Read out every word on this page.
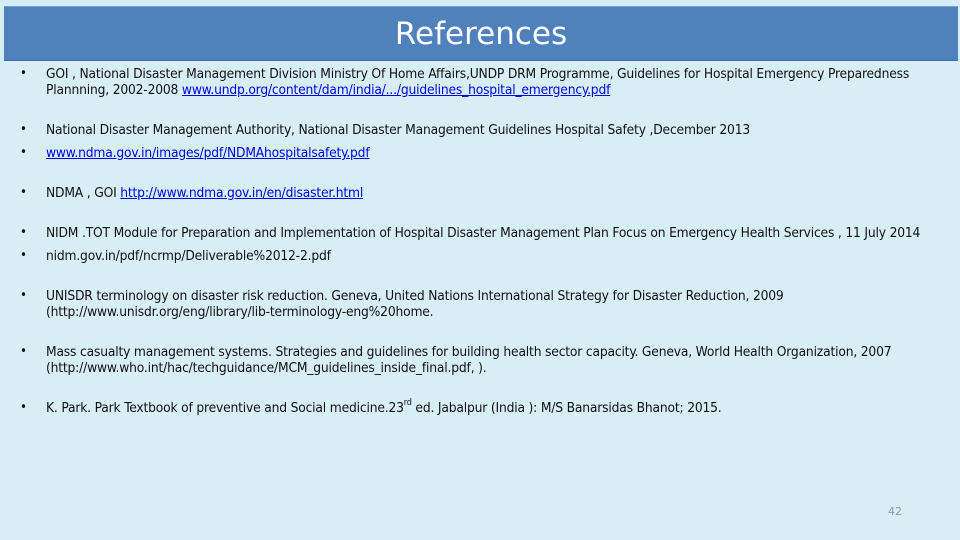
References
• GOI , National Disaster Management Division Ministry Of Home Affairs,UNDP DRM Programme, Guidelines for Hospital Emergency Preparedness Plannning, 2002-2008 www.undp.org/content/dam/india/.../guidelines_hospital_emergency.pdf
• National Disaster Management Authority, National Disaster Management Guidelines Hospital Safety ,December 2013
• www.ndma.gov.in/images/pdf/NDMAhospitalsafety.pdf
• NDMA , GOI http://www.ndma.gov.in/en/disaster.html
• NIDM .TOT Module for Preparation and Implementation of Hospital Disaster Management Plan Focus on Emergency Health Services , 11 July 2014
• nidm.gov.in/pdf/ncrmp/Deliverable%2012-2.pdf
• UNISDR terminology on disaster risk reduction. Geneva, United Nations International Strategy for Disaster Reduction, 2009 (http://www.unisdr.org/eng/library/lib-terminology-eng%20home.
• Mass casualty management systems. Strategies and guidelines for building health sector capacity. Geneva, World Health Organization, 2007 (http://www.who.int/hac/techguidance/MCM_guidelines_inside_final.pdf, ).
• K. Park. Park Textbook of preventive and Social medicine.23rd ed. Jabalpur (India ): M/S Banarsidas Bhanot; 2015.
42
